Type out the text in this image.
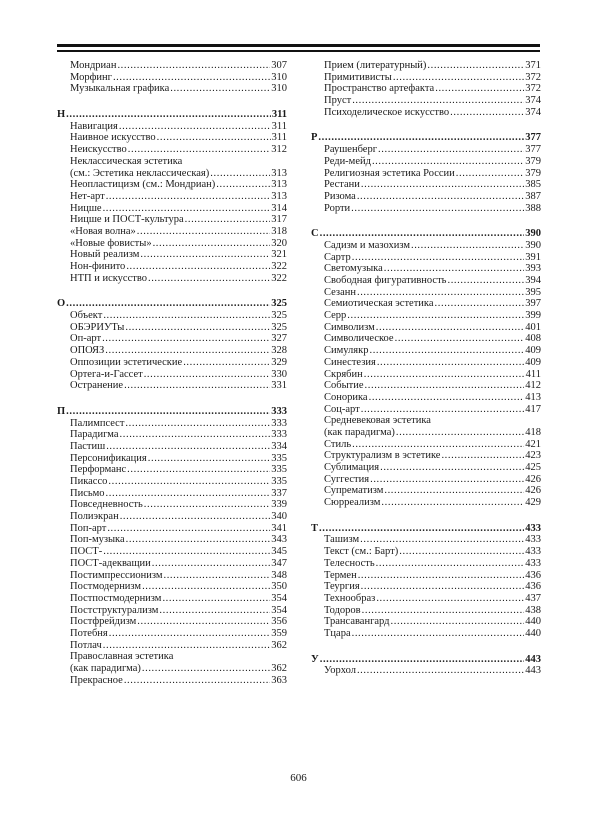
Мондриан .....	307
Морфинг .....	310
Музыкальная графика .....	310
Н .....	311
Навигация .....	311
Наивное искусство .....	311
Неискусство .....	312
Неклассическая эстетика
(см.: Эстетика неклассическая) .....	313
Неопластицизм (см.: Мондриан) .....	313
Нет-арт .....	313
Ницше .....	314
Ницше и ПОСТ-культура .....	317
«Новая волна» .....	318
«Новые фовисты» .....	320
Новый реализм .....	321
Нон-финито .....	322
НТП и искусство .....	322
О .....	325
Объект .....	325
ОБЭРИУТы .....	325
Оп-арт .....	327
ОПОЯЗ .....	328
Оппозиции эстетические .....	329
Ортега-и-Гассет .....	330
Остранение .....	331
П .....	333
Палимпсест .....	333
Парадигма .....	333
Пастиш .....	334
Персонификация .....	335
Перформанс .....	335
Пикассо .....	335
Письмо .....	337
Повседневность .....	339
Полиэкран .....	340
Поп-арт .....	341
Поп-музыка .....	343
ПОСТ- .....	345
ПОСТ-адекващии .....	347
Постимпрессионизм .....	348
Постмодернизм .....	350
Постпостмодернизм .....	354
Постструктурализм .....	354
Постфрейдизм .....	356
Потебня .....	359
Потлач .....	362
Православная эстетика
(как парадигма) .....	362
Прекрасное .....	363
Прием (литературный) .....	371
Примитивисты .....	372
Пространство артефакта .....	372
Пруст .....	374
Психоделическое искусство .....	374
Р .....	377
Раушенберг .....	377
Реди-мейд .....	379
Религиозная эстетика России .....	379
Рестани .....	385
Ризома .....	387
Рорти .....	388
С .....	390
Садизм и мазохизм .....	390
Сартр .....	391
Светомузыка .....	393
Свободная фигуративность .....	394
Сезанн .....	395
Семиотическая эстетика .....	397
Серр .....	399
Символизм .....	401
Символическое .....	408
Симулякр .....	409
Синестезия .....	409
Скрябин .....	411
Событие .....	412
Сонорика .....	413
Соц-арт .....	417
Средневековая эстетика
(как парадигма) .....	418
Стиль .....	421
Структурализм в эстетике .....	423
Сублимация .....	425
Суггестия .....	426
Супрематизм .....	426
Сюрреализм .....	429
Т .....	433
Ташизм .....	433
Текст (см.: Барт) .....	433
Телесность .....	433
Термен .....	436
Теургия .....	436
Технообраз .....	437
Тодоров .....	438
Трансавангард .....	440
Тцара .....	440
У .....	443
Уорхол .....	443
606
